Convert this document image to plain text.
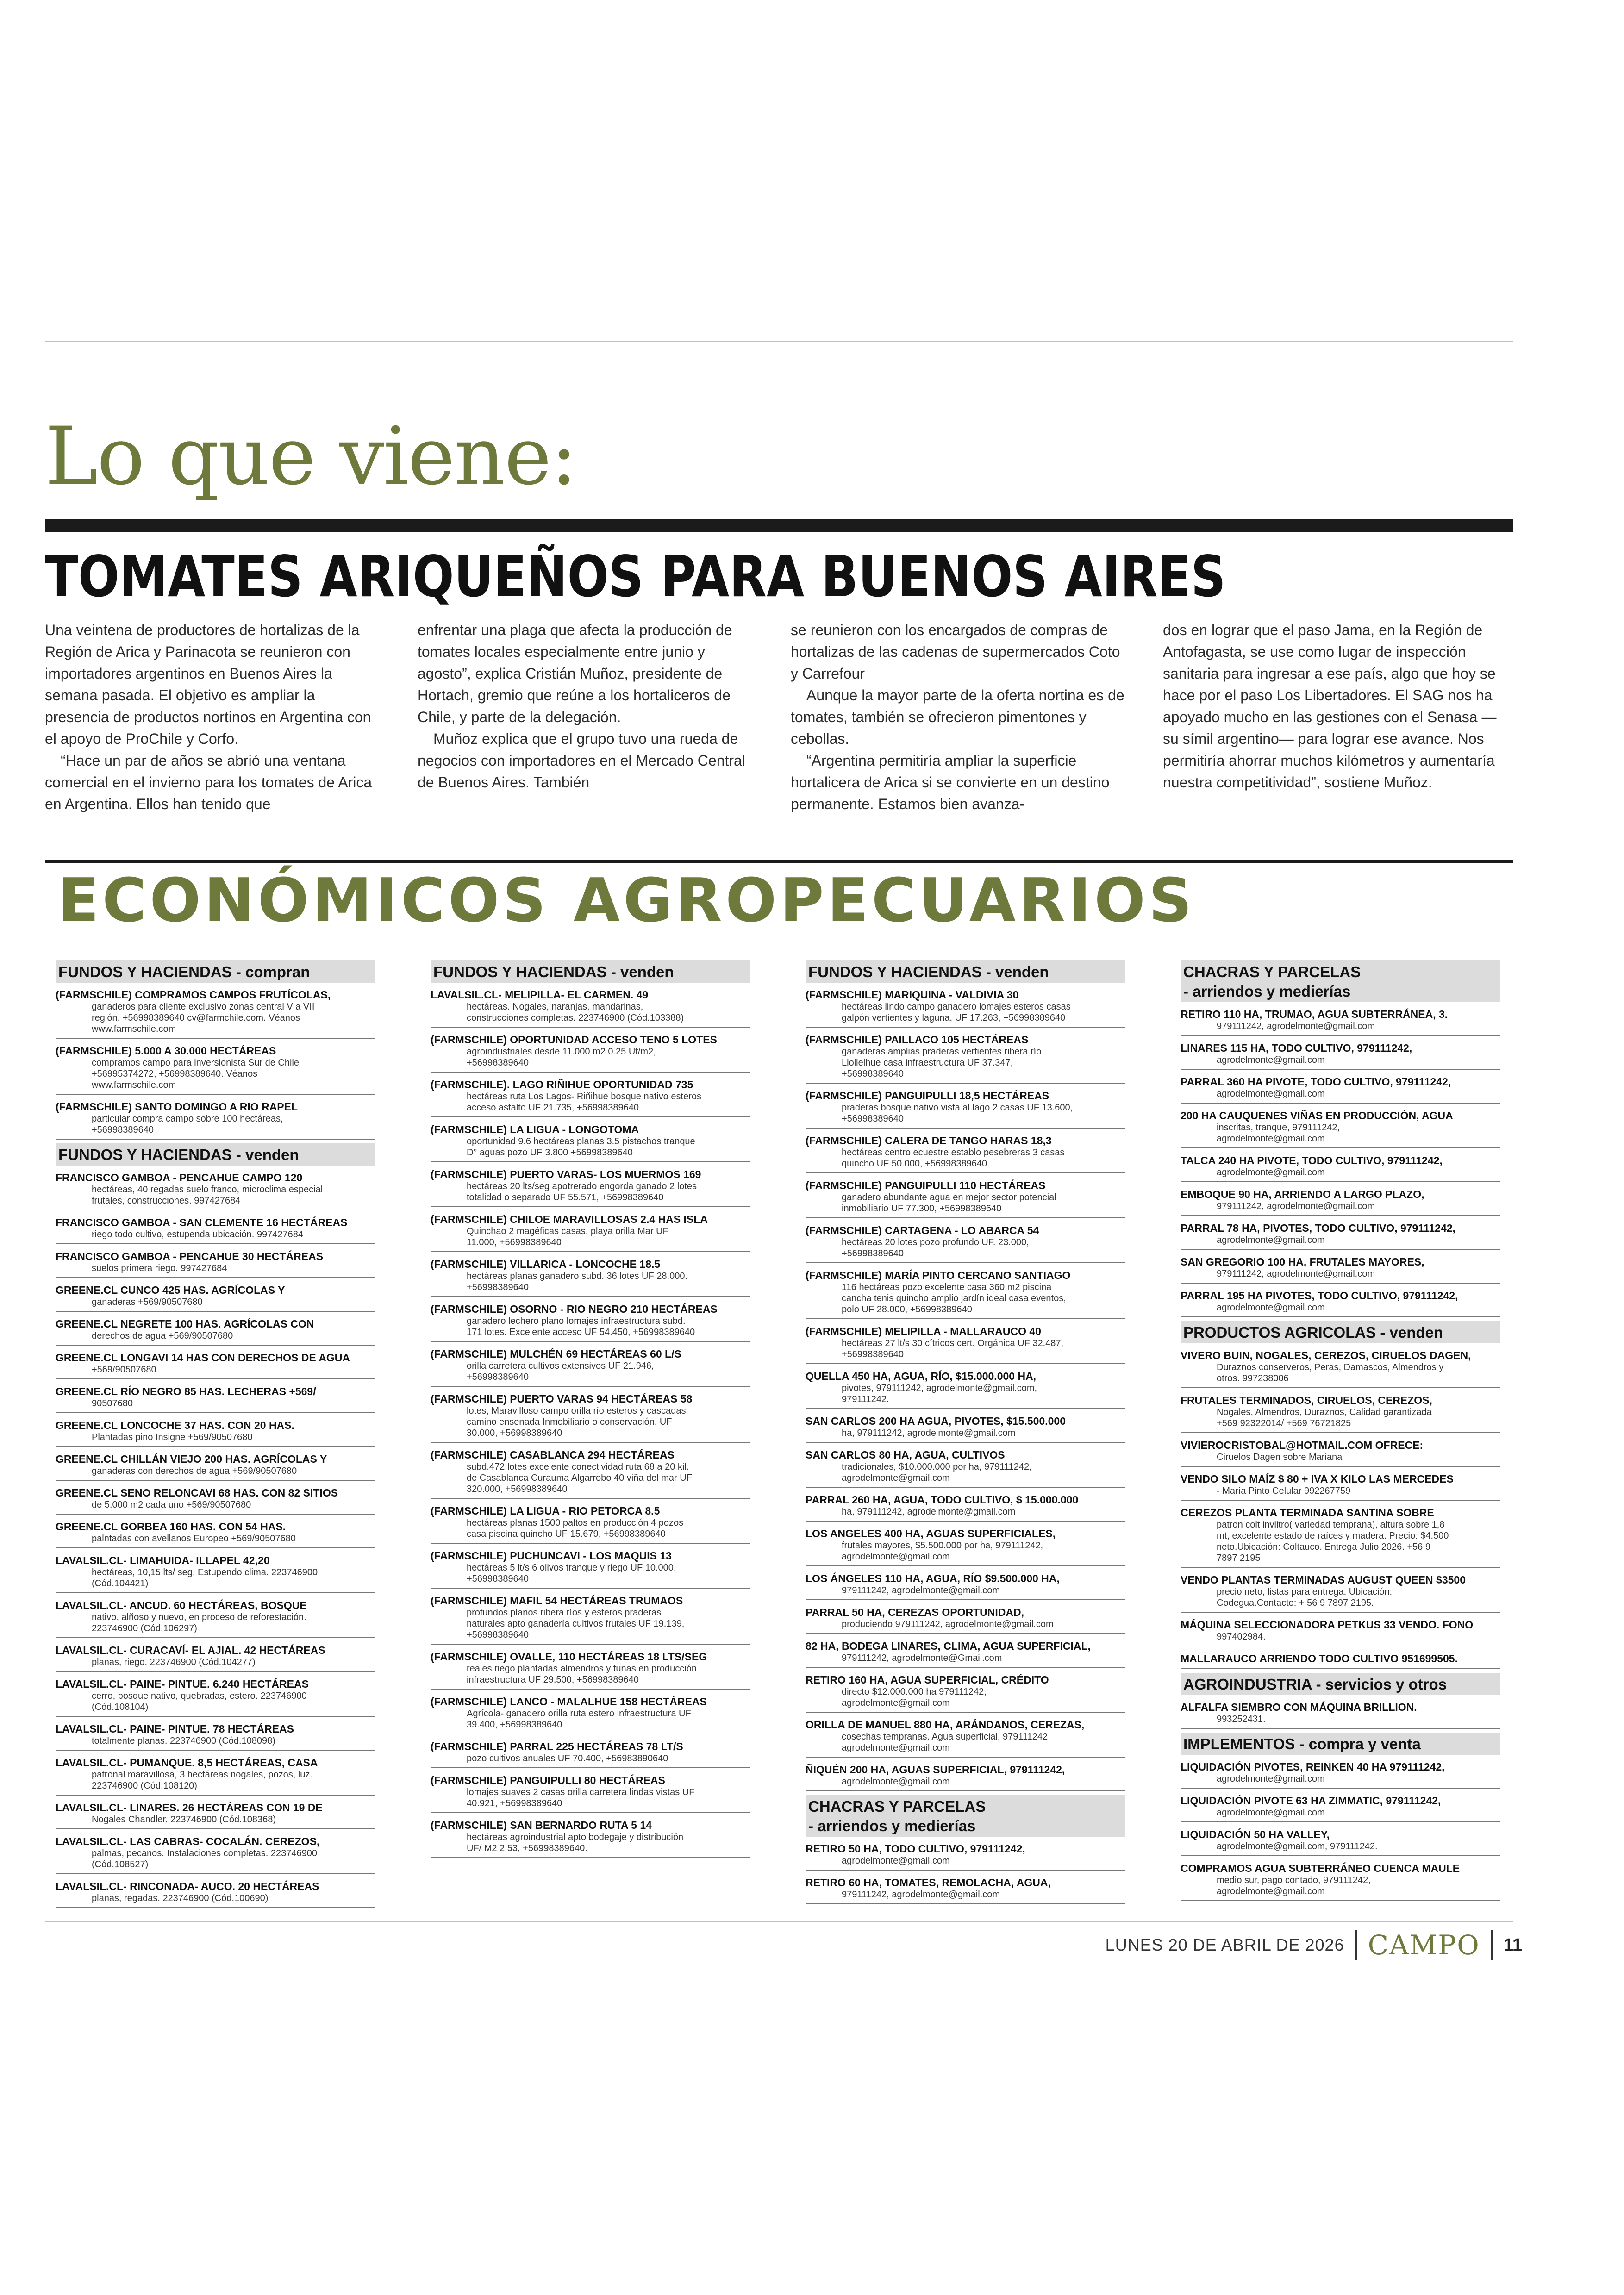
Lo que viene:
TOMATES ARIQUEÑOS PARA BUENOS AIRES

Una veintena de productores de hortalizas de la Región de Arica y Parinacota se reunieron con importadores argentinos en Buenos Aires la semana pasada. El objetivo es ampliar la presencia de productos nortinos en Argentina con el apoyo de ProChile y Corfo.

“Hace un par de años se abrió una ventana comercial en el invierno para los tomates de Arica en Argentina. Ellos han tenido que

enfrentar una plaga que afecta la producción de tomates locales especialmente entre junio y agosto”, explica Cristián Muñoz, presidente de Hortach, gremio que reúne a los hortaliceros de Chile, y parte de la delegación.

Muñoz explica que el grupo tuvo una rueda de negocios con importadores en el Mercado Central de Buenos Aires. También

se reunieron con los encargados de compras de hortalizas de las cadenas de supermercados Coto y Carrefour

Aunque la mayor parte de la oferta nortina es de tomates, también se ofrecieron pimentones y cebollas.

“Argentina permitiría ampliar la superficie hortalicera de Arica si se convierte en un destino permanente. Estamos bien avanza-

dos en lograr que el paso Jama, en la Región de Antofagasta, se use como lugar de inspección sanitaria para ingresar a ese país, algo que hoy se hace por el paso Los Libertadores. El SAG nos ha apoyado mucho en las gestiones con el Senasa —su símil argentino— para lograr ese avance. Nos permitiría ahorrar muchos kilómetros y aumentaría nuestra competitividad”, sostiene Muñoz.

ECONÓMICOS AGROPECUARIOS
FUNDOS Y HACIENDAS - compran
(FARMSCHILE) COMPRAMOS CAMPOS FRUTÍCOLAS,
ganaderos para cliente exclusivo zonas central V a VII
región. +56998389640 cv@farmchile.com. Véanos
www.farmschile.com
(FARMSCHILE) 5.000 A 30.000 HECTÁREAS
compramos campo para inversionista Sur de Chile
+56995374272, +56998389640. Véanos
www.farmschile.com
(FARMSCHILE) SANTO DOMINGO A RIO RAPEL
particular compra campo sobre 100 hectáreas,
+56998389640
FUNDOS Y HACIENDAS - venden
FRANCISCO GAMBOA - PENCAHUE CAMPO 120
hectáreas, 40 regadas suelo franco, microclima especial
frutales, construcciones. 997427684
FRANCISCO GAMBOA - SAN CLEMENTE 16 HECTÁREAS
riego todo cultivo, estupenda ubicación. 997427684
FRANCISCO GAMBOA - PENCAHUE 30 HECTÁREAS
suelos primera riego. 997427684
GREENE.CL CUNCO 425 HAS. AGRÍCOLAS Y
ganaderas +569/90507680
GREENE.CL NEGRETE 100 HAS. AGRÍCOLAS CON
derechos de agua +569/90507680
GREENE.CL LONGAVI 14 HAS CON DERECHOS DE AGUA
+569/90507680
GREENE.CL RÍO NEGRO 85 HAS. LECHERAS +569/
90507680
GREENE.CL LONCOCHE 37 HAS. CON 20 HAS.
Plantadas pino Insigne +569/90507680
GREENE.CL CHILLÁN VIEJO 200 HAS. AGRÍCOLAS Y
ganaderas con derechos de agua +569/90507680
GREENE.CL SENO RELONCAVI 68 HAS. CON 82 SITIOS
de 5.000 m2 cada uno +569/90507680
GREENE.CL GORBEA 160 HAS. CON 54 HAS.
palntadas con avellanos Europeo +569/90507680
LAVALSIL.CL- LIMAHUIDA- ILLAPEL 42,20
hectáreas, 10,15 lts/ seg. Estupendo clima. 223746900
(Cód.104421)
LAVALSIL.CL- ANCUD. 60 HECTÁREAS, BOSQUE
nativo, alñoso y nuevo, en proceso de reforestación.
223746900 (Cód.106297)
LAVALSIL.CL- CURACAVÍ- EL AJIAL. 42 HECTÁREAS
planas, riego. 223746900 (Cód.104277)
LAVALSIL.CL- PAINE- PINTUE. 6.240 HECTÁREAS
cerro, bosque nativo, quebradas, estero. 223746900
(Cód.108104)
LAVALSIL.CL- PAINE- PINTUE. 78 HECTÁREAS
totalmente planas. 223746900 (Cód.108098)
LAVALSIL.CL- PUMANQUE. 8,5 HECTÁREAS, CASA
patronal maravillosa, 3 hectáreas nogales, pozos, luz.
223746900 (Cód.108120)
LAVALSIL.CL- LINARES. 26 HECTÁREAS CON 19 DE
Nogales Chandler. 223746900 (Cód.108368)
LAVALSIL.CL- LAS CABRAS- COCALÁN. CEREZOS,
palmas, pecanos. Instalaciones completas. 223746900
(Cód.108527)
LAVALSIL.CL- RINCONADA- AUCO. 20 HECTÁREAS
planas, regadas. 223746900 (Cód.100690)
FUNDOS Y HACIENDAS - venden
LAVALSIL.CL- MELIPILLA- EL CARMEN. 49
hectáreas. Nogales, naranjas, mandarinas,
construcciones completas. 223746900 (Cód.103388)
(FARMSCHILE) OPORTUNIDAD ACCESO TENO 5 LOTES
agroindustriales desde 11.000 m2 0.25 Uf/m2,
+56998389640
(FARMSCHILE). LAGO RIÑIHUE OPORTUNIDAD 735
hectáreas ruta Los Lagos- Riñihue bosque nativo esteros
acceso asfalto UF 21.735, +56998389640
(FARMSCHILE) LA LIGUA - LONGOTOMA
oportunidad 9.6 hectáreas planas 3.5 pistachos tranque
D° aguas pozo UF 3.800 +56998389640
(FARMSCHILE) PUERTO VARAS- LOS MUERMOS 169
hectáreas 20 lts/seg apotrerado engorda ganado 2 lotes
totalidad o separado UF 55.571, +56998389640
(FARMSCHILE) CHILOE MARAVILLOSAS 2.4 HAS ISLA
Quinchao 2 magéficas casas, playa orilla Mar UF
11.000, +56998389640
(FARMSCHILE) VILLARICA - LONCOCHE 18.5
hectáreas planas ganadero subd. 36 lotes UF 28.000.
+56998389640
(FARMSCHILE) OSORNO - RIO NEGRO 210 HECTÁREAS
ganadero lechero plano lomajes infraestructura subd.
171 lotes. Excelente acceso UF 54.450, +56998389640
(FARMSCHILE) MULCHÉN 69 HECTÁREAS 60 L/S
orilla carretera cultivos extensivos UF 21.946,
+56998389640
(FARMSCHILE) PUERTO VARAS 94 HECTÁREAS 58
lotes, Maravilloso campo orilla río esteros y cascadas
camino ensenada Inmobiliario o conservación. UF
30.000, +56998389640
(FARMSCHILE) CASABLANCA 294 HECTÁREAS
subd.472 lotes excelente conectividad ruta 68 a 20 kil.
de Casablanca Curauma Algarrobo 40 viña del mar UF
320.000, +56998389640
(FARMSCHILE) LA LIGUA - RIO PETORCA 8.5
hectáreas planas 1500 paltos en producción 4 pozos
casa piscina quincho UF 15.679, +56998389640
(FARMSCHILE) PUCHUNCAVI - LOS MAQUIS 13
hectáreas 5 lt/s 6 olivos tranque y riego UF 10.000,
+56998389640
(FARMSCHILE) MAFIL 54 HECTÁREAS TRUMAOS
profundos planos ribera ríos y esteros praderas
naturales apto ganadería cultivos frutales UF 19.139,
+56998389640
(FARMSCHILE) OVALLE, 110 HECTÁREAS 18 LTS/SEG
reales riego plantadas almendros y tunas en producción
infraestructura UF 29.500, +56998389640
(FARMSCHILE) LANCO - MALALHUE 158 HECTÁREAS
Agrícola- ganadero orilla ruta estero infraestructura UF
39.400, +56998389640
(FARMSCHILE) PARRAL 225 HECTÁREAS 78 LT/S
pozo cultivos anuales UF 70.400, +56983890640
(FARMSCHILE) PANGUIPULLI 80 HECTÁREAS
lomajes suaves 2 casas orilla carretera lindas vistas UF
40.921, +56998389640
(FARMSCHILE) SAN BERNARDO RUTA 5 14
hectáreas agroindustrial apto bodegaje y distribución
UF/ M2 2.53, +56998389640.
FUNDOS Y HACIENDAS - venden
(FARMSCHILE) MARIQUINA - VALDIVIA 30
hectáreas lindo campo ganadero lomajes esteros casas
galpón vertientes y laguna. UF 17.263, +56998389640
(FARMSCHILE) PAILLACO 105 HECTÁREAS
ganaderas amplias praderas vertientes ribera río
Llollelhue casa infraestructura UF 37.347,
+56998389640
(FARMSCHILE) PANGUIPULLI 18,5 HECTÁREAS
praderas bosque nativo vista al lago 2 casas UF 13.600,
+56998389640
(FARMSCHILE) CALERA DE TANGO HARAS 18,3
hectáreas centro ecuestre establo pesebreras 3 casas
quincho UF 50.000, +56998389640
(FARMSCHILE) PANGUIPULLI 110 HECTÁREAS
ganadero abundante agua en mejor sector potencial
inmobiliario UF 77.300, +56998389640
(FARMSCHILE) CARTAGENA - LO ABARCA 54
hectáreas 20 lotes pozo profundo UF. 23.000,
+56998389640
(FARMSCHILE) MARÍA PINTO CERCANO SANTIAGO
116 hectáreas pozo excelente casa 360 m2 piscina
cancha tenis quincho amplio jardín ideal casa eventos,
polo UF 28.000, +56998389640
(FARMSCHILE) MELIPILLA - MALLARAUCO 40
hectáreas 27 lt/s 30 cítricos cert. Orgánica UF 32.487,
+56998389640
QUELLA 450 HA, AGUA, RÍO, $15.000.000 HA,
pivotes, 979111242, agrodelmonte@gmail.com,
979111242.
SAN CARLOS 200 HA AGUA, PIVOTES, $15.500.000
ha, 979111242, agrodelmonte@gmail.com
SAN CARLOS 80 HA, AGUA, CULTIVOS
tradicionales, $10.000.000 por ha, 979111242,
agrodelmonte@gmail.com
PARRAL 260 HA, AGUA, TODO CULTIVO, $ 15.000.000
ha, 979111242, agrodelmonte@gmail.com
LOS ANGELES 400 HA, AGUAS SUPERFICIALES,
frutales mayores, $5.500.000 por ha, 979111242,
agrodelmonte@gmail.com
LOS ÁNGELES 110 HA, AGUA, RÍO $9.500.000 HA,
979111242, agrodelmonte@gmail.com
PARRAL 50 HA, CEREZAS OPORTUNIDAD,
produciendo 979111242, agrodelmonte@gmail.com
82 HA, BODEGA LINARES, CLIMA, AGUA SUPERFICIAL,
979111242, agrodelmonte@Gmail.com
RETIRO 160 HA, AGUA SUPERFICIAL, CRÉDITO
directo $12.000.000 ha 979111242,
agrodelmonte@gmail.com
ORILLA DE MANUEL 880 HA, ARÁNDANOS, CEREZAS,
cosechas tempranas. Agua superficial, 979111242
agrodelmonte@gmail.com
ÑIQUÉN 200 HA, AGUAS SUPERFICIAL, 979111242,
agrodelmonte@gmail.com
CHACRAS Y PARCELAS
- arriendos y medierías
RETIRO 50 HA, TODO CULTIVO, 979111242,
agrodelmonte@gmail.com
RETIRO 60 HA, TOMATES, REMOLACHA, AGUA,
979111242, agrodelmonte@gmail.com
CHACRAS Y PARCELAS
- arriendos y medierías
RETIRO 110 HA, TRUMAO, AGUA SUBTERRÁNEA, 3.
979111242, agrodelmonte@gmail.com
LINARES 115 HA, TODO CULTIVO, 979111242,
agrodelmonte@gmail.com
PARRAL 360 HA PIVOTE, TODO CULTIVO, 979111242,
agrodelmonte@gmail.com
200 HA CAUQUENES VIÑAS EN PRODUCCIÓN, AGUA
inscritas, tranque, 979111242,
agrodelmonte@gmail.com
TALCA 240 HA PIVOTE, TODO CULTIVO, 979111242,
agrodelmonte@gmail.com
EMBOQUE 90 HA, ARRIENDO A LARGO PLAZO,
979111242, agrodelmonte@gmail.com
PARRAL 78 HA, PIVOTES, TODO CULTIVO, 979111242,
agrodelmonte@gmail.com
SAN GREGORIO 100 HA, FRUTALES MAYORES,
979111242, agrodelmonte@gmail.com
PARRAL 195 HA PIVOTES, TODO CULTIVO, 979111242,
agrodelmonte@gmail.com
PRODUCTOS AGRICOLAS - venden
VIVERO BUIN, NOGALES, CEREZOS, CIRUELOS DAGEN,
Duraznos conserveros, Peras, Damascos, Almendros y
otros. 997238006
FRUTALES TERMINADOS, CIRUELOS, CEREZOS,
Nogales, Almendros, Duraznos, Calidad garantizada
+569 92322014/ +569 76721825
VIVIEROCRISTOBAL@HOTMAIL.COM OFRECE:
Ciruelos Dagen sobre Mariana
VENDO SILO MAÍZ $ 80 + IVA X KILO LAS MERCEDES
- María Pinto Celular 992267759
CEREZOS PLANTA TERMINADA SANTINA SOBRE
patron colt inviitro( variedad temprana), altura sobre 1,8
mt, excelente estado de raíces y madera. Precio: $4.500
neto.Ubicación: Coltauco. Entrega Julio 2026. +56 9
7897 2195
VENDO PLANTAS TERMINADAS AUGUST QUEEN $3500
precio neto, listas para entrega. Ubicación:
Codegua.Contacto: + 56 9 7897 2195.
MÁQUINA SELECCIONADORA PETKUS 33 VENDO. FONO
997402984.
MALLARAUCO ARRIENDO TODO CULTIVO 951699505.
AGROINDUSTRIA - servicios y otros
ALFALFA SIEMBRO CON MÁQUINA BRILLION.
993252431.
IMPLEMENTOS - compra y venta
LIQUIDACIÓN PIVOTES, REINKEN 40 HA 979111242,
agrodelmonte@gmail.com
LIQUIDACIÓN PIVOTE 63 HA ZIMMATIC, 979111242,
agrodelmonte@gmail.com
LIQUIDACIÓN 50 HA VALLEY,
agrodelmonte@gmail.com, 979111242.
COMPRAMOS AGUA SUBTERRÁNEO CUENCA MAULE
medio sur, pago contado, 979111242,
agrodelmonte@gmail.com
LUNES 20 DE ABRIL DE 2026 CAMPO 11
